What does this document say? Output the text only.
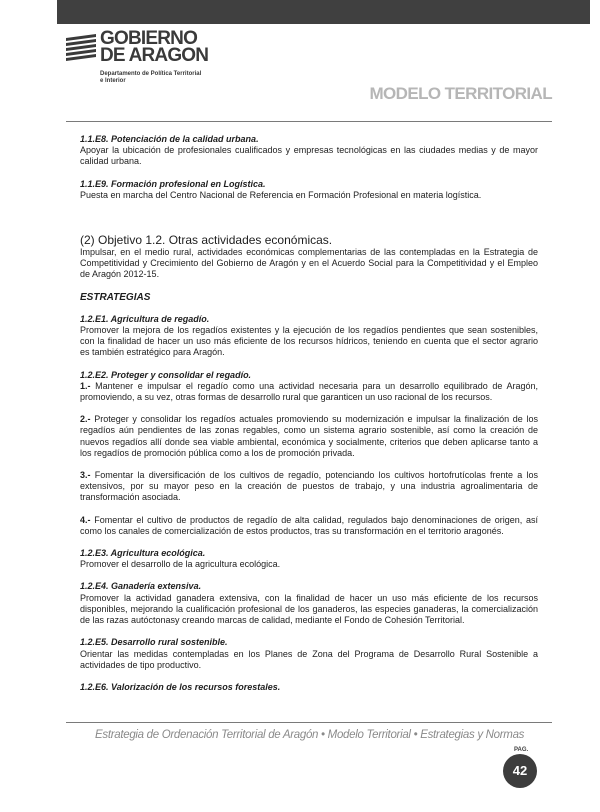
GOBIERNO
DE ARAGON
Departamento de Política Territorial
e Interior
MODELO TERRITORIAL

1.1.E8. Potenciación de la calidad urbana.

Apoyar la ubicación de profesionales cualificados y empresas tecnológicas en las ciudades medias y de mayor calidad urbana.

1.1.E9. Formación profesional en Logística.

Puesta en marcha del Centro Nacional de Referencia en Formación Profesional en materia logística.

(2) Objetivo 1.2. Otras actividades económicas.

Impulsar, en el medio rural, actividades económicas complementarias de las contempladas en la Estrategia de Competitividad y Crecimiento del Gobierno de Aragón y en el Acuerdo Social para la Competitividad y el Empleo de Aragón 2012-15.

ESTRATEGIAS

1.2.E1. Agricultura de regadío.

Promover la mejora de los regadíos existentes y la ejecución de los regadíos pendientes que sean sostenibles, con la finalidad de hacer un uso más eficiente de los recursos hídricos, teniendo en cuenta que el sector agrario es también estratégico para Aragón.

1.2.E2. Proteger y consolidar el regadío.

1.- Mantener e impulsar el regadío como una actividad necesaria para un desarrollo equilibrado de Aragón, promoviendo, a su vez, otras formas de desarrollo rural que garanticen un uso racional de los recursos.

2.- Proteger y consolidar los regadíos actuales promoviendo su modernización e impulsar la finalización de los regadíos aún pendientes de las zonas regables, como un sistema agrario sostenible, así como la creación de nuevos regadíos allí donde sea viable ambiental, económica y socialmente, criterios que deben aplicarse tanto a los regadíos de promoción pública como a los de promoción privada.

3.- Fomentar la diversificación de los cultivos de regadío, potenciando los cultivos hortofrutícolas frente a los extensivos, por su mayor peso en la creación de puestos de trabajo, y una industria agroalimentaria de transformación asociada.

4.- Fomentar el cultivo de productos de regadío de alta calidad, regulados bajo denominaciones de origen, así como los canales de comercialización de estos productos, tras su transformación en el territorio aragonés.

1.2.E3. Agricultura ecológica.

Promover el desarrollo de la agricultura ecológica.

1.2.E4. Ganadería extensiva.

Promover la actividad ganadera extensiva, con la finalidad de hacer un uso más eficiente de los recursos disponibles, mejorando la cualificación profesional de los ganaderos, las especies ganaderas, la comercialización de las razas autóctonasy creando marcas de calidad, mediante el Fondo de Cohesión Territorial.

1.2.E5. Desarrollo rural sostenible.

Orientar las medidas contempladas en los Planes de Zona del Programa de Desarrollo Rural Sostenible a actividades de tipo productivo.

1.2.E6. Valorización de los recursos forestales.

Estrategia de Ordenación Territorial de Aragón • Modelo Territorial • Estrategias y Normas
PAG.
42
